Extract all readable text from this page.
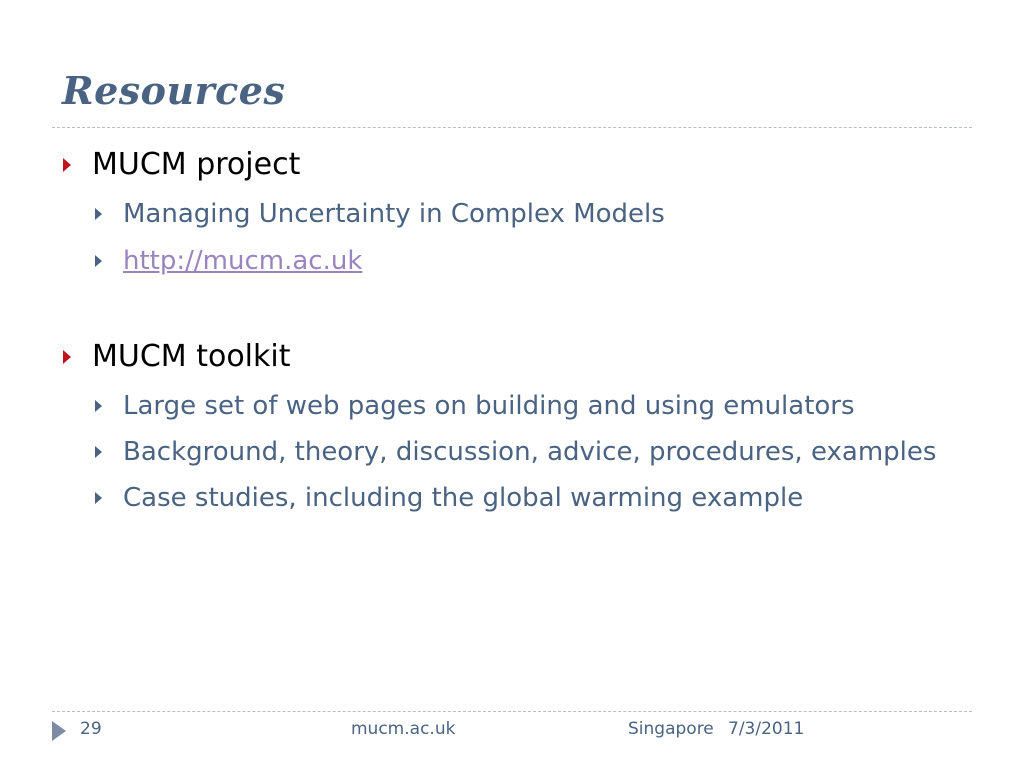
Resources
MUCM project
Managing Uncertainty in Complex Models
http://mucm.ac.uk
MUCM toolkit
Large set of web pages on building and using emulators
Background, theory, discussion, advice, procedures, examples
Case studies, including the global warming example
29	mucm.ac.uk	Singapore 7/3/2011
